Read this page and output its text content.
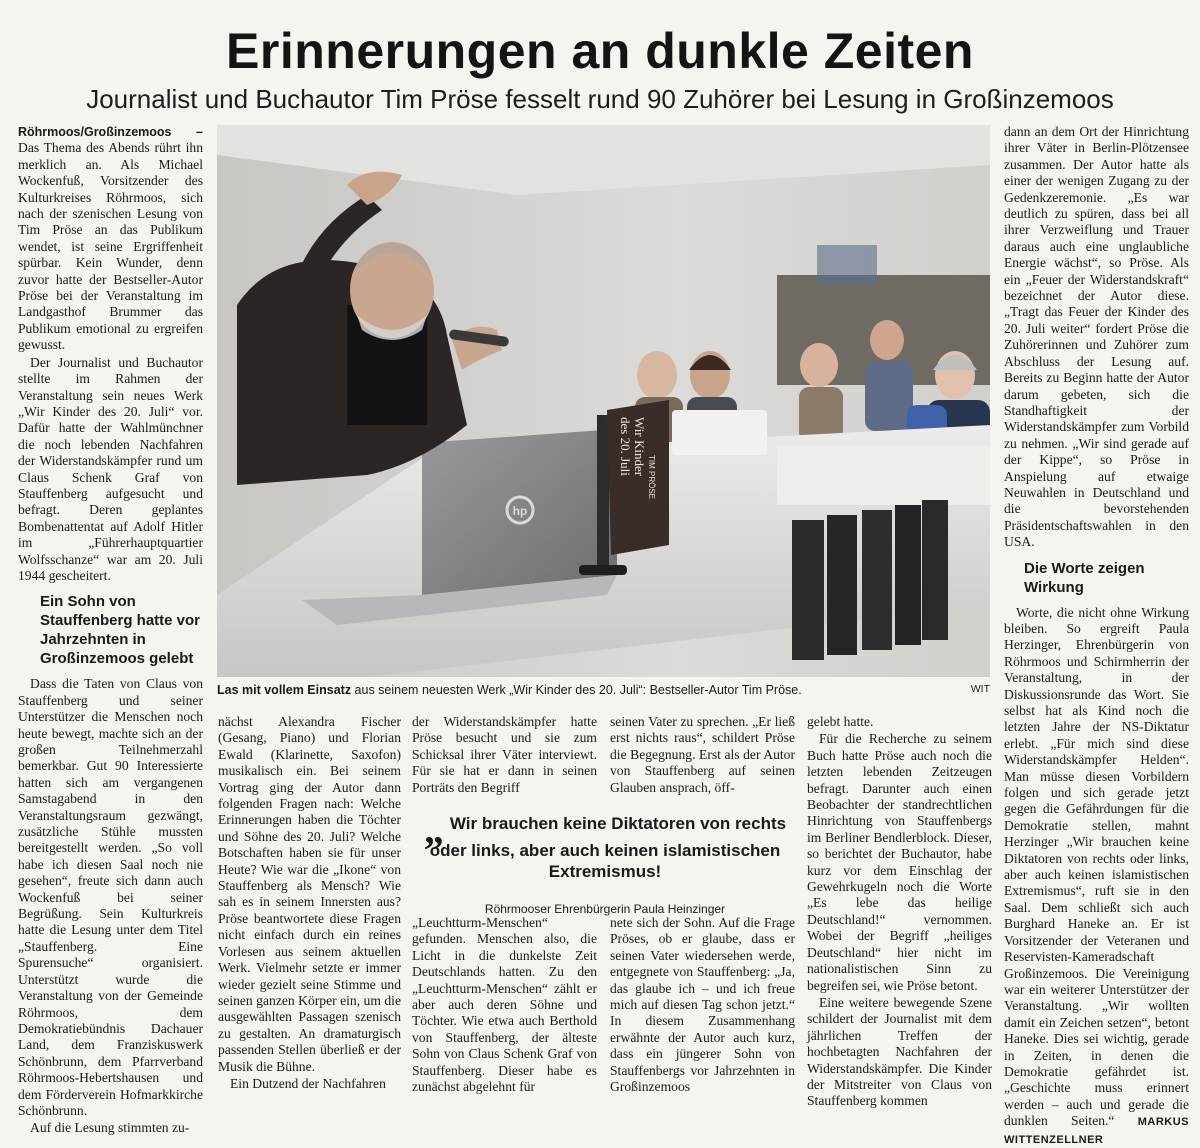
Erinnerungen an dunkle Zeiten
Journalist und Buchautor Tim Pröse fesselt rund 90 Zuhörer bei Lesung in Großinzemoos

Röhrmoos/Großinzemoos – Das Thema des Abends rührt ihn merklich an. Als Michael Wockenfuß, Vorsitzender des Kulturkreises Röhrmoos, sich nach der szenischen Lesung von Tim Pröse an das Publikum wendet, ist seine Ergriffenheit spürbar. Kein Wunder, denn zuvor hatte der Bestseller-Autor Pröse bei der Veranstaltung im Landgasthof Brummer das Publikum emotional zu ergreifen gewusst.

Der Journalist und Buchautor stellte im Rahmen der Veranstaltung sein neues Werk „Wir Kinder des 20. Juli“ vor. Dafür hatte der Wahlmünchner die noch lebenden Nachfahren der Widerstandskämpfer rund um Claus Schenk Graf von Stauffenberg aufgesucht und befragt. Deren geplantes Bombenattentat auf Adolf Hitler im „Führerhauptquartier Wolfsschanze“ war am 20. Juli 1944 gescheitert.

Ein Sohn von Stauffenberg hatte vor Jahrzehnten in Großinzemoos gelebt

Dass die Taten von Claus von Stauffenberg und seiner Unterstützer die Menschen noch heute bewegt, machte sich an der großen Teilnehmerzahl bemerkbar. Gut 90 Interessierte hatten sich am vergangenen Samstagabend in den Veranstaltungsraum gezwängt, zusätzliche Stühle mussten bereitgestellt werden. „So voll habe ich diesen Saal noch nie gesehen“, freute sich dann auch Wockenfuß bei seiner Begrüßung. Sein Kulturkreis hatte die Lesung unter dem Titel „Stauffenberg. Eine Spurensuche“ organisiert. Unterstützt wurde die Veranstaltung von der Gemeinde Röhrmoos, dem Demokratiebündnis Dachauer Land, dem Franziskuswerk Schönbrunn, dem Pfarrverband Röhrmoos-Hebertshausen und dem Förderverein Hofmarkkirche Schönbrunn.

Auf die Lesung stimmten zu-

hp
Wir Kinder
des 20. Juli
TIM PRÖSE
Las mit vollem Einsatz aus seinem neuesten Werk „Wir Kinder des 20. Juli“: Bestseller-Autor Tim Pröse.	WIT

nächst Alexandra Fischer (Gesang, Piano) und Florian Ewald (Klarinette, Saxofon) musikalisch ein. Bei seinem Vortrag ging der Autor dann folgenden Fragen nach: Welche Erinnerungen haben die Töchter und Söhne des 20. Juli? Welche Botschaften haben sie für unser Heute? Wie war die „Ikone“ von Stauffenberg als Mensch? Wie sah es in seinem Innersten aus? Pröse beantwortete diese Fragen nicht einfach durch ein reines Vorlesen aus seinem aktuellen Werk. Vielmehr setzte er immer wieder gezielt seine Stimme und seinen ganzen Körper ein, um die ausgewählten Passagen szenisch zu gestalten. An dramaturgisch passenden Stellen überließ er der Musik die Bühne.

Ein Dutzend der Nachfahren

der Widerstandskämpfer hatte Pröse besucht und sie zum Schicksal ihrer Väter interviewt. Für sie hat er dann in seinen Porträts den Begriff

„Leuchtturm-Menschen“ gefunden. Menschen also, die Licht in die dunkelste Zeit Deutschlands hatten. Zu den „Leuchtturm-Menschen“ zählt er aber auch deren Söhne und Töchter. Wie etwa auch Berthold von Stauffenberg, der älteste Sohn von Claus Schenk Graf von Stauffenberg. Dieser habe es zunächst abgelehnt für

seinen Vater zu sprechen. „Er ließ erst nichts raus“, schildert Pröse die Begegnung. Erst als der Autor von Stauffenberg auf seinen Glauben ansprach, öff-

nete sich der Sohn. Auf die Frage Pröses, ob er glaube, dass er seinen Vater wiedersehen werde, entgegnete von Stauffenberg: „Ja, das glaube ich – und ich freue mich auf diesen Tag schon jetzt.“ In diesem Zusammenhang erwähnte der Autor auch kurz, dass ein jüngerer Sohn von Stauffenbergs vor Jahrzehnten in Großinzemoos

„ Wir brauchen keine Diktatoren von rechts oder links, aber auch keinen islamistischen Extremismus!
Röhrmooser Ehrenbürgerin Paula Heinzinger

gelebt hatte.

Für die Recherche zu seinem Buch hatte Pröse auch noch die letzten lebenden Zeitzeugen befragt. Darunter auch einen Beobachter der standrechtlichen Hinrichtung von Stauffenbergs im Berliner Bendlerblock. Dieser, so berichtet der Buchautor, habe kurz vor dem Einschlag der Gewehrkugeln noch die Worte „Es lebe das heilige Deutschland!“ vernommen. Wobei der Begriff „heiliges Deutschland“ hier nicht im nationalistischen Sinn zu begreifen sei, wie Pröse betont.

Eine weitere bewegende Szene schildert der Journalist mit dem jährlichen Treffen der hochbetagten Nachfahren der Widerstandskämpfer. Die Kinder der Mitstreiter von Claus von Stauffenberg kommen

dann an dem Ort der Hinrichtung ihrer Väter in Berlin-Plötzensee zusammen. Der Autor hatte als einer der wenigen Zugang zu der Gedenkzeremonie. „Es war deutlich zu spüren, dass bei all ihrer Verzweiflung und Trauer daraus auch eine unglaubliche Energie wächst“, so Pröse. Als ein „Feuer der Widerstandskraft“ bezeichnet der Autor diese. „Tragt das Feuer der Kinder des 20. Juli weiter“ fordert Pröse die Zuhörerinnen und Zuhörer zum Abschluss der Lesung auf. Bereits zu Beginn hatte der Autor darum gebeten, sich die Standhaftigkeit der Widerstandskämpfer zum Vorbild zu nehmen. „Wir sind gerade auf der Kippe“, so Pröse in Anspielung auf etwaige Neuwahlen in Deutschland und die bevorstehenden Präsidentschaftswahlen in den USA.

Die Worte zeigen Wirkung

Worte, die nicht ohne Wirkung bleiben. So ergreift Paula Herzinger, Ehrenbürgerin von Röhrmoos und Schirmherrin der Veranstaltung, in der Diskussionsrunde das Wort. Sie selbst hat als Kind noch die letzten Jahre der NS-Diktatur erlebt. „Für mich sind diese Widerstandskämpfer Helden“. Man müsse diesen Vorbildern folgen und sich gerade jetzt gegen die Gefährdungen für die Demokratie stellen, mahnt Herzinger „Wir brauchen keine Diktatoren von rechts oder links, aber auch keinen islamistischen Extremismus“, ruft sie in den Saal. Dem schließt sich auch Burghard Haneke an. Er ist Vorsitzender der Veteranen und Reservisten-Kameradschaft Großinzemoos. Die Vereinigung war ein weiterer Unterstützer der Veranstaltung. „Wir wollten damit ein Zeichen setzen“, betont Haneke. Dies sei wichtig, gerade in Zeiten, in denen die Demokratie gefährdet ist. „Geschichte muss erinnert werden – auch und gerade die dunklen Seiten.“ MARKUS WITTENZELLNER
